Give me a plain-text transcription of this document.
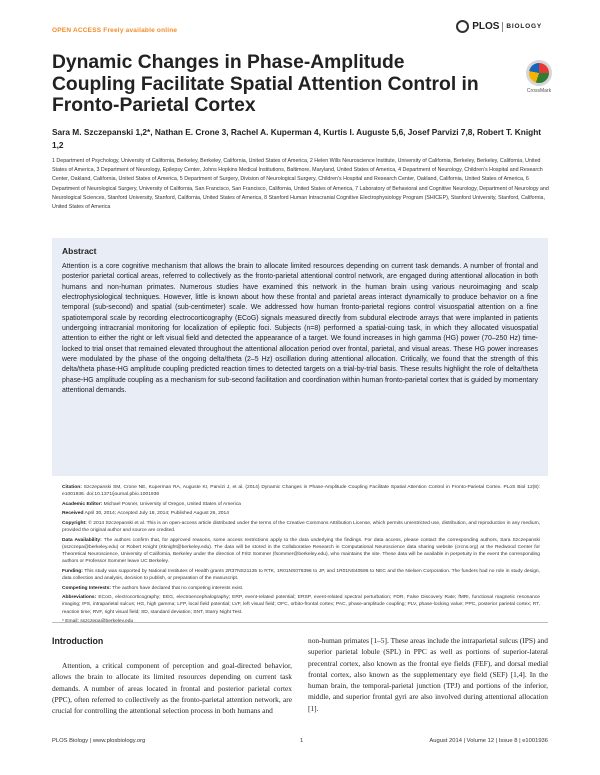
OPEN ACCESS Freely available online	PLOS BIOLOGY
Dynamic Changes in Phase-Amplitude Coupling Facilitate Spatial Attention Control in Fronto-Parietal Cortex
CrossMark
Sara M. Szczepanski 1,2*, Nathan E. Crone 3, Rachel A. Kuperman 4, Kurtis I. Auguste 5,6, Josef Parvizi 7,8, Robert T. Knight 1,2
1 Department of Psychology, University of California, Berkeley, Berkeley, California, United States of America, 2 Helen Wills Neuroscience Institute, University of California, Berkeley, Berkeley, California, United States of America, 3 Department of Neurology, Epilepsy Center, Johns Hopkins Medical Institutions, Baltimore, Maryland, United States of America, 4 Department of Neurology, Children's Hospital and Research Center, Oakland, California, United States of America, 5 Department of Surgery, Division of Neurological Surgery, Children's Hospital and Research Center, Oakland, California, United States of America, 6 Department of Neurological Surgery, University of California, San Francisco, San Francisco, California, United States of America, 7 Laboratory of Behavioral and Cognitive Neurology, Department of Neurology and Neurological Sciences, Stanford University, Stanford, California, United States of America, 8 Stanford Human Intracranial Cognitive Electrophysiology Program (SHICEP), Stanford University, Stanford, California, United States of America
Abstract

Attention is a core cognitive mechanism that allows the brain to allocate limited resources depending on current task demands. A number of frontal and posterior parietal cortical areas, referred to collectively as the fronto-parietal attentional control network, are engaged during attentional allocation in both humans and non-human primates. Numerous studies have examined this network in the human brain using various neuroimaging and scalp electrophysiological techniques. However, little is known about how these frontal and parietal areas interact dynamically to produce behavior on a fine temporal (sub-second) and spatial (sub-centimeter) scale. We addressed how human fronto-parietal regions control visuospatial attention on a fine spatiotemporal scale by recording electrocorticography (ECoG) signals measured directly from subdural electrode arrays that were implanted in patients undergoing intracranial monitoring for localization of epileptic foci. Subjects (n=8) performed a spatial-cuing task, in which they allocated visuospatial attention to either the right or left visual field and detected the appearance of a target. We found increases in high gamma (HG) power (70–250 Hz) time-locked to trial onset that remained elevated throughout the attentional allocation period over frontal, parietal, and visual areas. These HG power increases were modulated by the phase of the ongoing delta/theta (2–5 Hz) oscillation during attentional allocation. Critically, we found that the strength of this delta/theta phase-HG amplitude coupling predicted reaction times to detected targets on a trial-by-trial basis. These results highlight the role of delta/theta phase-HG amplitude coupling as a mechanism for sub-second facilitation and coordination within human fronto-parietal cortex that is guided by momentary attentional demands.

Citation: Szczepanski SM, Crone NE, Kuperman RA, Auguste KI, Parvizi J, et al. (2014) Dynamic Changes in Phase-Amplitude Coupling Facilitate Spatial Attention Control in Fronto-Parietal Cortex. PLoS Biol 12(8): e1001936. doi:10.1371/journal.pbio.1001936

Academic Editor: Michael Posner, University of Oregon, United States of America

Received April 30, 2014; Accepted July 18, 2014; Published August 26, 2014

Copyright: © 2014 Szczepanski et al. This is an open-access article distributed under the terms of the Creative Commons Attribution License, which permits unrestricted use, distribution, and reproduction in any medium, provided the original author and source are credited.

Data Availability: The authors confirm that, for approved reasons, some access restrictions apply to the data underlying the findings. For data access, please contact the corresponding authors, Sara Szczepanski (sszczepa@berkeley.edu) or Robert Knight (rtknight@berkeley.edu). The data will be stored in the Collaborative Research in Computational Neuroscience data sharing website (crcns.org) at the Redwood Center for Theoretical Neuroscience, University of California, Berkeley under the direction of Fritz Sommer (fsommer@berkeley.edu), who maintains the site. These data will be available in perpetuity in the event the corresponding authors or Professor Sommer leave UC Berkeley.

Funding: This study was supported by National Institutes of Health grants 2R37NS21135 to RTK, 1R01NS078396 to JP, and 1R01NS40596 to NEC and the Nielsen Corporation. The funders had no role in study design, data collection and analysis, decision to publish, or preparation of the manuscript.

Competing Interests: The authors have declared that no competing interests exist.

Abbreviations: ECoG, electrocorticography; EEG, electroencephalography; ERP, event-related potential; ERSP, event-related spectral perturbation; FDR, False Discovery Rate; fMRI, functional magnetic resonance imaging; IPS, intraparietal sulcus; HG, high gamma; LFP, local field potential; LVF, left visual field; OFC, orbito-frontal cortex; PAC, phase-amplitude coupling; PLV, phase-locking value; PPC, posterior parietal cortex; RT, reaction time; RVF, right visual field; SD, standard deviation; SNT, Starry Night Test.

Introduction
Attention, a critical component of perception and goal-directed behavior, allows the brain to allocate its limited resources depending on current task demands. A number of areas located in frontal and posterior parietal cortex (PPC), often referred to collectively as the fronto-parietal attention network, are crucial for controlling the attentional selection process in both humans and
non-human primates [1–5]. These areas include the intraparietal sulcus (IPS) and superior parietal lobule (SPL) in PPC as well as portions of superior-lateral precentral cortex, also known as the frontal eye fields (FEF), and dorsal medial frontal cortex, also known as the supplementary eye field (SEF) [1,4]. In the human brain, the temporal-parietal junction (TPJ) and portions of the inferior, middle, and superior frontal gyri are also involved during attentional allocation [1].
PLOS Biology | www.plosbiology.org	1	August 2014 | Volume 12 | Issue 8 | e1001936
